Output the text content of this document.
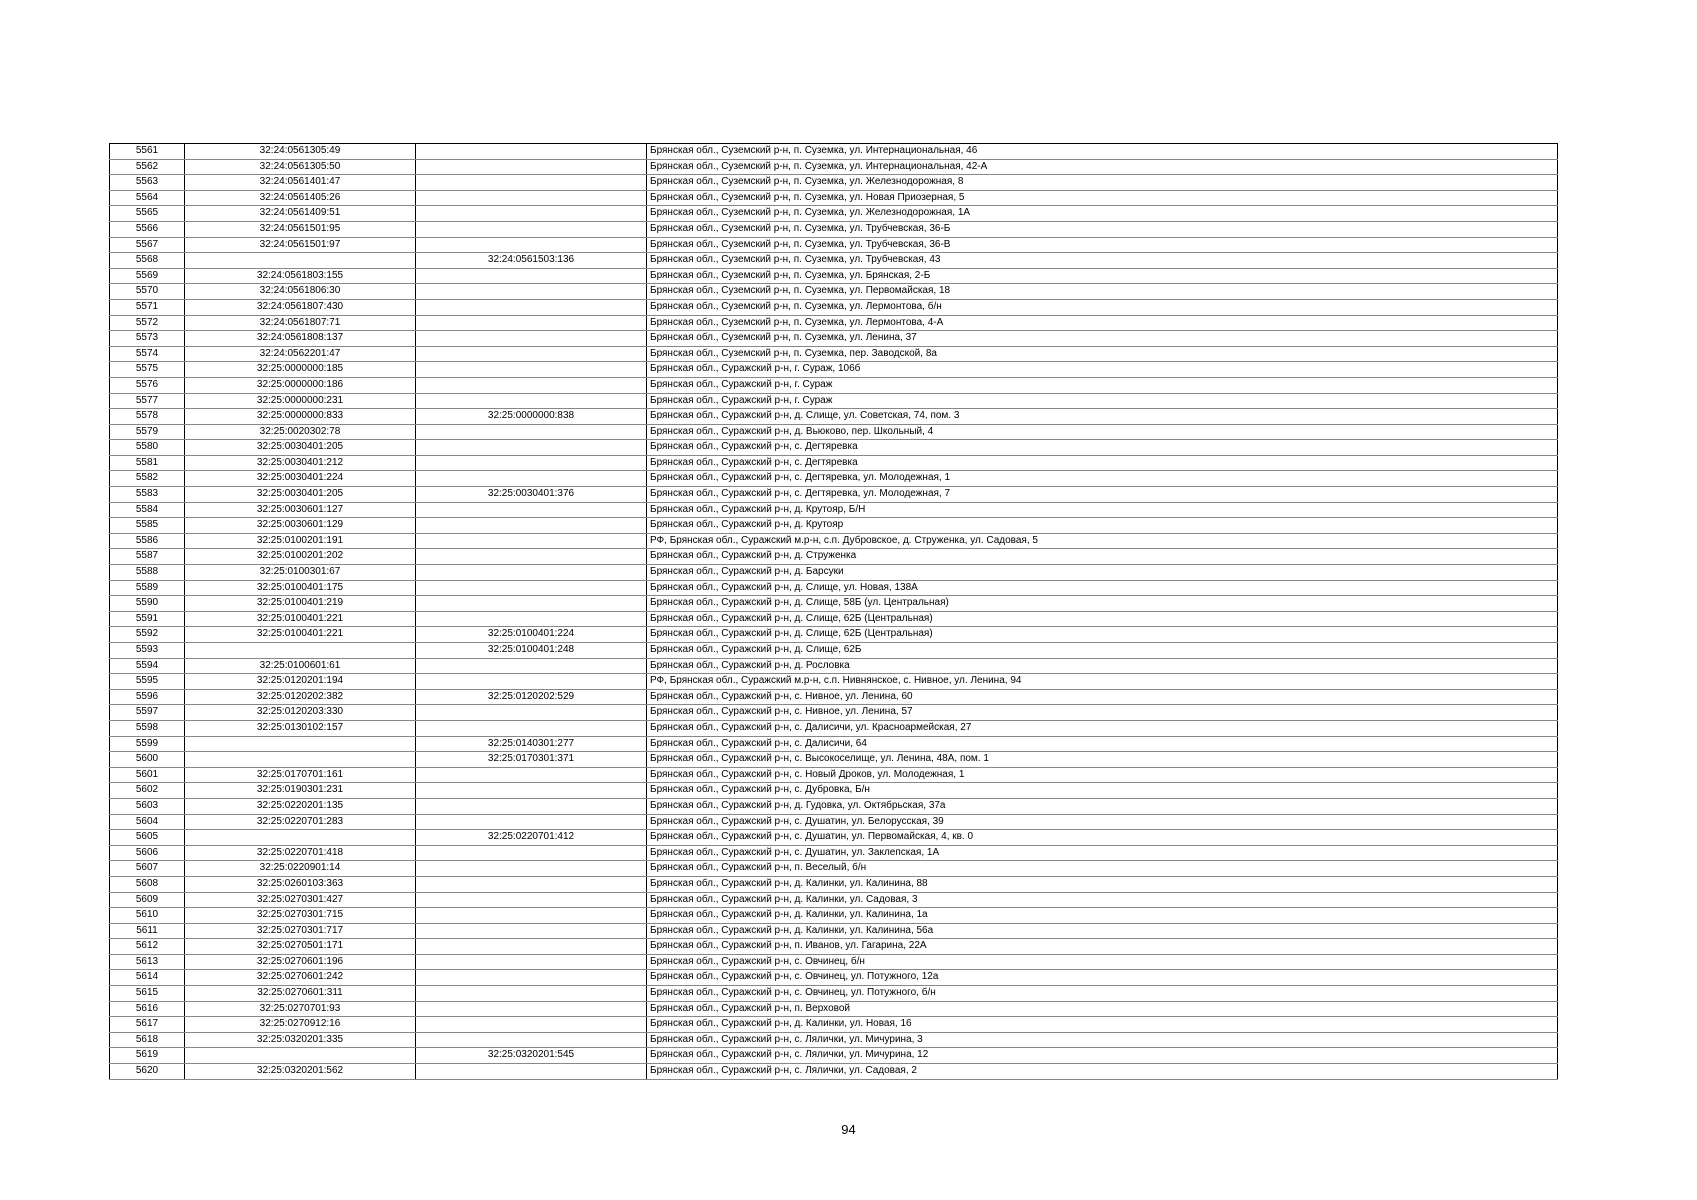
5561	32:24:0561305:49		Брянская обл., Суземский р-н, п. Суземка, ул. Интернациональная, 46
5562	32:24:0561305:50		Брянская обл., Суземский р-н, п. Суземка, ул. Интернациональная, 42-А
5563	32:24:0561401:47		Брянская обл., Суземский р-н, п. Суземка, ул. Железнодорожная, 8
5564	32:24:0561405:26		Брянская обл., Суземский р-н, п. Суземка, ул. Новая Приозерная, 5
5565	32:24:0561409:51		Брянская обл., Суземский р-н, п. Суземка, ул. Железнодорожная, 1А
5566	32:24:0561501:95		Брянская обл., Суземский р-н, п. Суземка, ул. Трубчевская, 36-Б
5567	32:24:0561501:97		Брянская обл., Суземский р-н, п. Суземка, ул. Трубчевская, 36-В
5568		32:24:0561503:136	Брянская обл., Суземский р-н, п. Суземка, ул. Трубчевская, 43
5569	32:24:0561803:155		Брянская обл., Суземский р-н, п. Суземка, ул. Брянская, 2-Б
5570	32:24:0561806:30		Брянская обл., Суземский р-н, п. Суземка, ул. Первомайская, 18
5571	32:24:0561807:430		Брянская обл., Суземский р-н, п. Суземка, ул. Лермонтова, б/н
5572	32:24:0561807:71		Брянская обл., Суземский р-н, п. Суземка, ул. Лермонтова, 4-А
5573	32:24:0561808:137		Брянская обл., Суземский р-н, п. Суземка, ул. Ленина, 37
5574	32:24:0562201:47		Брянская обл., Суземский р-н, п. Суземка, пер. Заводской, 8а
5575	32:25:0000000:185		Брянская обл., Суражский р-н, г. Сураж, 106б
5576	32:25:0000000:186		Брянская обл., Суражский р-н, г. Сураж
5577	32:25:0000000:231		Брянская обл., Суражский р-н, г. Сураж
5578	32:25:0000000:833	32:25:0000000:838	Брянская обл., Суражский р-н, д. Слище, ул. Советская, 74, пом. 3
5579	32:25:0020302:78		Брянская обл., Суражский р-н, д. Вьюково, пер. Школьный, 4
5580	32:25:0030401:205		Брянская обл., Суражский р-н, с. Дегтяревка
5581	32:25:0030401:212		Брянская обл., Суражский р-н, с. Дегтяревка
5582	32:25:0030401:224		Брянская обл., Суражский р-н, с. Дегтяревка, ул. Молодежная, 1
5583	32:25:0030401:205	32:25:0030401:376	Брянская обл., Суражский р-н, с. Дегтяревка, ул. Молодежная, 7
5584	32:25:0030601:127		Брянская обл., Суражский р-н, д. Крутояр, Б/Н
5585	32:25:0030601:129		Брянская обл., Суражский р-н, д. Крутояр
5586	32:25:0100201:191		РФ, Брянская обл., Суражский м.р-н, с.п. Дубровское, д. Струженка, ул. Садовая, 5
5587	32:25:0100201:202		Брянская обл., Суражский р-н, д. Струженка
5588	32:25:0100301:67		Брянская обл., Суражский р-н, д. Барсуки
5589	32:25:0100401:175		Брянская обл., Суражский р-н, д. Слище, ул. Новая, 138А
5590	32:25:0100401:219		Брянская обл., Суражский р-н, д. Слище, 58Б (ул. Центральная)
5591	32:25:0100401:221		Брянская обл., Суражский р-н, д. Слище, 62Б (Центральная)
5592	32:25:0100401:221	32:25:0100401:224	Брянская обл., Суражский р-н, д. Слище, 62Б (Центральная)
5593		32:25:0100401:248	Брянская обл., Суражский р-н, д. Слище, 62Б
5594	32:25:0100601:61		Брянская обл., Суражский р-н, д. Рословка
5595	32:25:0120201:194		РФ, Брянская обл., Суражский м.р-н, с.п. Нивнянское, с. Нивное, ул. Ленина, 94
5596	32:25:0120202:382	32:25:0120202:529	Брянская обл., Суражский р-н, с. Нивное, ул. Ленина, 60
5597	32:25:0120203:330		Брянская обл., Суражский р-н, с. Нивное, ул. Ленина, 57
5598	32:25:0130102:157		Брянская обл., Суражский р-н, с. Далисичи, ул. Красноармейская, 27
5599		32:25:0140301:277	Брянская обл., Суражский р-н, с. Далисичи, 64
5600		32:25:0170301:371	Брянская обл., Суражский р-н, с. Высокоселище, ул. Ленина, 48А, пом. 1
5601	32:25:0170701:161		Брянская обл., Суражский р-н, с. Новый Дроков, ул. Молодежная, 1
5602	32:25:0190301:231		Брянская обл., Суражский р-н, с. Дубровка, Б/н
5603	32:25:0220201:135		Брянская обл., Суражский р-н, д. Гудовка, ул. Октябрьская, 37а
5604	32:25:0220701:283		Брянская обл., Суражский р-н, с. Душатин, ул. Белорусская, 39
5605		32:25:0220701:412	Брянская обл., Суражский р-н, с. Душатин, ул. Первомайская, 4, кв. 0
5606	32:25:0220701:418		Брянская обл., Суражский р-н, с. Душатин, ул. Заклепская, 1А
5607	32:25:0220901:14		Брянская обл., Суражский р-н, п. Веселый, б/н
5608	32:25:0260103:363		Брянская обл., Суражский р-н, д. Калинки, ул. Калинина, 88
5609	32:25:0270301:427		Брянская обл., Суражский р-н, д. Калинки, ул. Садовая, 3
5610	32:25:0270301:715		Брянская обл., Суражский р-н, д. Калинки, ул. Калинина, 1а
5611	32:25:0270301:717		Брянская обл., Суражский р-н, д. Калинки, ул. Калинина, 56а
5612	32:25:0270501:171		Брянская обл., Суражский р-н, п. Иванов, ул. Гагарина, 22А
5613	32:25:0270601:196		Брянская обл., Суражский р-н, с. Овчинец, б/н
5614	32:25:0270601:242		Брянская обл., Суражский р-н, с. Овчинец, ул. Потужного, 12а
5615	32:25:0270601:311		Брянская обл., Суражский р-н, с. Овчинец, ул. Потужного, б/н
5616	32:25:0270701:93		Брянская обл., Суражский р-н, п. Верховой
5617	32:25:0270912:16		Брянская обл., Суражский р-н, д. Калинки, ул. Новая, 16
5618	32:25:0320201:335		Брянская обл., Суражский р-н, с. Лялички, ул. Мичурина, 3
5619		32:25:0320201:545	Брянская обл., Суражский р-н, с. Лялички, ул. Мичурина, 12
5620	32:25:0320201:562		Брянская обл., Суражский р-н, с. Лялички, ул. Садовая, 2
94
